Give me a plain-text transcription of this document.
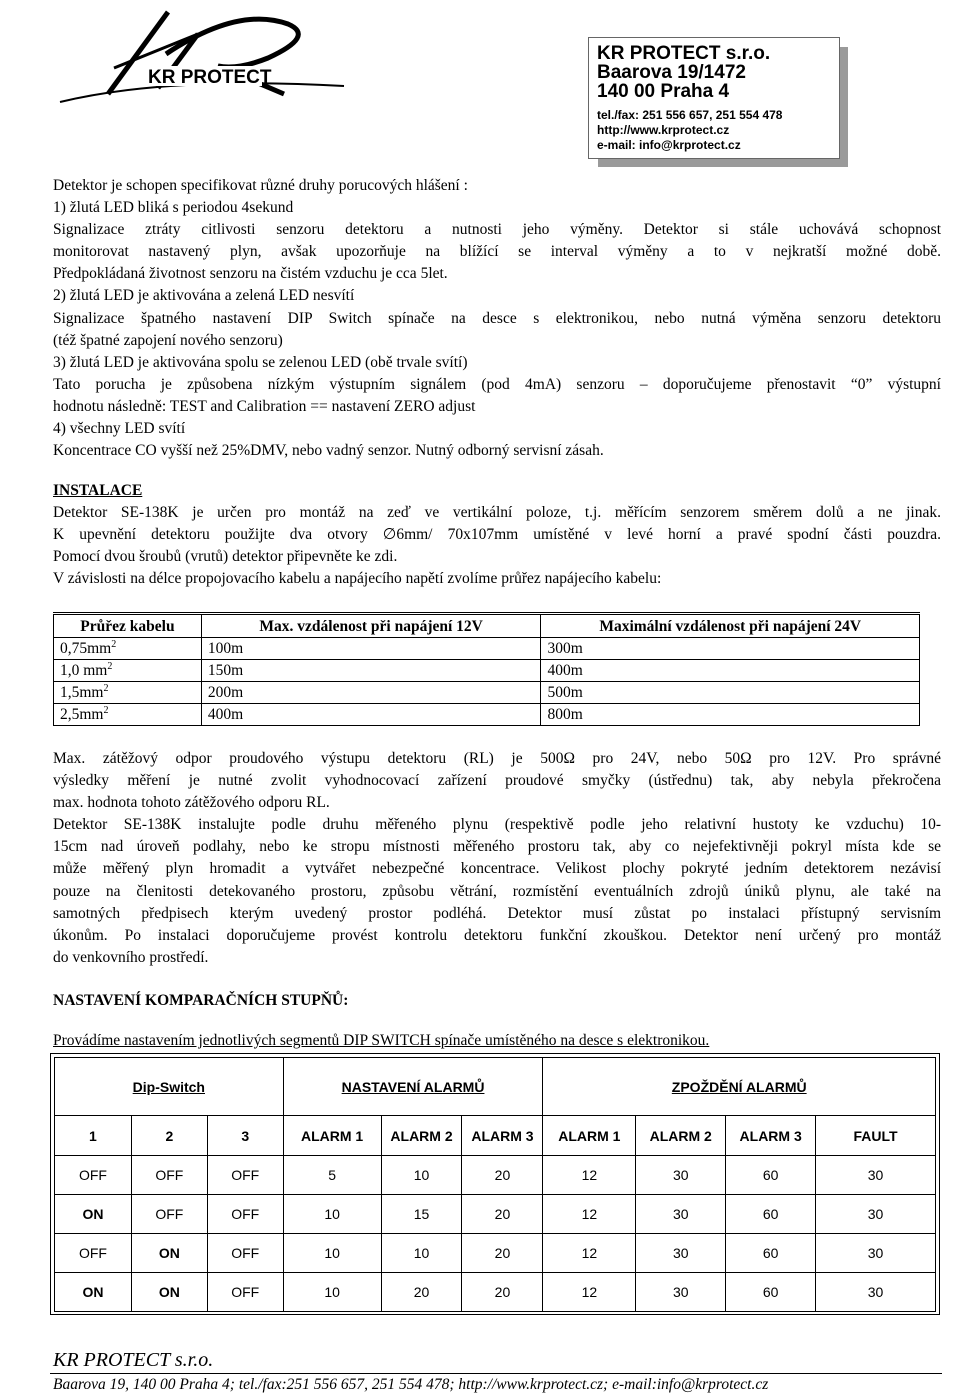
KR PROTECT
KR PROTECT s.r.o.
Baarova 19/1472
140 00 Praha 4
tel./fax: 251 556 657, 251 554 478
http://www.krprotect.cz
e-mail: info@krprotect.cz
Detektor je schopen specifikovat různé druhy porucových hlášení :
1) žlutá LED bliká s periodou 4sekund
Signalizace ztráty citlivosti senzoru detektoru a nutnosti jeho výměny. Detektor si stále uchovává schopnost
monitorovat nastavený plyn, avšak upozorňuje na blížící se interval výměny a to v nejkratší možné době.
Předpokládaná životnost senzoru na čistém vzduchu je cca 5let.
2) žlutá LED je aktivována a zelená LED nesvítí
Signalizace špatného nastavení DIP Switch spínače na desce s elektronikou, nebo nutná výměna senzoru detektoru
(též špatné zapojení nového senzoru)
3) žlutá LED je aktivována spolu se zelenou LED (obě trvale svítí)
Tato porucha je způsobena nízkým výstupním signálem (pod 4mA) senzoru – doporučujeme přenostavit “0” výstupní
hodnotu následně: TEST and Calibration == nastavení ZERO adjust
4) všechny LED svítí
Koncentrace CO vyšší než 25%DMV, nebo vadný senzor. Nutný odborný servisní zásah.
INSTALACE
Detektor SE-138K je určen pro montáž na zeď ve vertikální poloze, t.j. měřícím senzorem směrem dolů a ne jinak.
K upevnění detektoru použijte dva otvory ∅6mm/ 70x107mm umístěné v levé horní a pravé spodní části pouzdra.
Pomocí dvou šroubů (vrutů) detektor připevněte ke zdi.
V závislosti na délce propojovacího kabelu a napájecího napětí zvolíme průřez napájecího kabelu:
Průřez kabelu	Max. vzdálenost při napájení 12V	Maximální vzdálenost při napájení 24V
$0,75mm^2$	100m	300m
1,0 $mm^2$	150m	400m
$1,5mm^2$	200m	500m
$2,5mm^2$	400m	800m
Max. zátěžový odpor proudového výstupu detektoru (RL) je 500Ω pro 24V, nebo 50Ω pro 12V. Pro správné
výsledky měření je nutné zvolit vyhodnocovací zařízení proudové smyčky (ústřednu) tak, aby nebyla překročena
max. hodnota tohoto zátěžového odporu RL.
Detektor SE-138K instalujte podle druhu měřeného plynu (respektivě podle jeho relativní hustoty ke vzduchu) 10-
15cm nad úroveň podlahy, nebo ke stropu místnosti měřeného prostoru tak, aby co nejefektivněji pokryl místa kde se
může měřený plyn hromadit a vytvářet nebezpečné koncentrace. Velikost plochy pokryté jedním detektorem nezávisí
pouze na členitosti detekovaného prostoru, způsobu větrání, rozmístění eventuálních zdrojů úniků plynu, ale také na
samotných předpisech kterým uvedený prostor podléhá. Detektor musí zůstat po instalaci přístupný servisním
úkonům. Po instalaci doporučujeme provést kontrolu detektoru funkční zkouškou. Detektor není určený pro montáž
do venkovního prostředí.
NASTAVENÍ KOMPARAČNÍCH STUPŇŮ:
Provádíme nastavením jednotlivých segmentů DIP SWITCH spínače umístěného na desce s elektronikou.
Dip-Switch			NASTAVENÍ ALARMŮ			ZPOŽDĚNÍ ALARMŮ			
1	2	3	ALARM 1	ALARM 2	ALARM 3	ALARM 1	ALARM 2	ALARM 3	FAULT
OFF	OFF	OFF	5	10	20	12	30	60	30
ON	OFF	OFF	10	15	20	12	30	60	30
OFF	ON	OFF	10	10	20	12	30	60	30
ON	ON	OFF	10	20	20	12	30	60	30
KR PROTECT s.r.o.
Baarova 19, 140 00 Praha 4; tel./fax:251 556 657, 251 554 478; http://www.krprotect.cz; e-mail:info@krprotect.cz
